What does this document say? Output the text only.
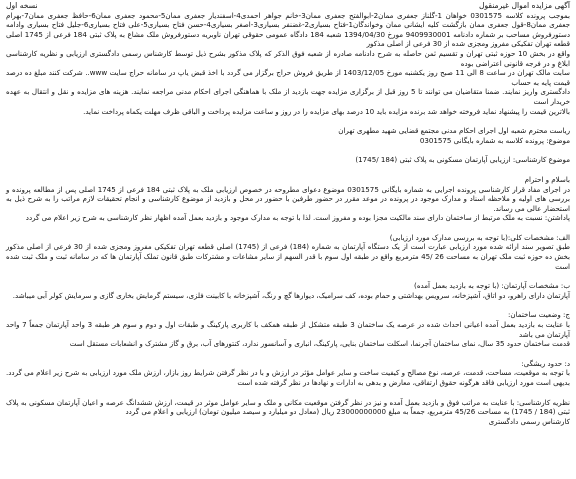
آگهی مزایده اموال غیرمنقول
نسخه اول

بموجب پرونده کلاسه 0301575 خواهان 1-گلناز جعفری ممان2-ابوالفتح جعفری ممان3-خانم جواهر احمدی4-اسفندیار جعفری ممان5-محمود جعفری ممان6-حافظ جعفری ممان7-بهرام جعفری ممان8-قول جعفری ممان بازگشت کلیه ایشانی ممان وخواندگان1-فتاح بسیاری2-غضنفر بسیاری3-اصغر بسیاری4-حسن فتاح بسیاری5-علی فتاح بسیاری6-جلیل فتاح بسیاری وادامه دستورفروش مساحب بر شماره دادنامه 9409930001 مورخ 1394/04/30 شعبه 184 دادگاه عمومی حقوقی تهران ناوبریه دستورفروش ملک مشاع به پلاک ثبتی 184 فرعی از 1745 اصلی قطعه تهران تفکیکی مفروز ومجزی شده از 30 فرعی از اصلی مذکور

واقع در بخش 10 حوزه ثبتی تهران و تقسیم ثمن حاصله به شرح دادنامه صادره از شعبه فوق الذکر که پلاک مذکور بشرح ذیل توسط کارشناس رسمی دادگستری ارزیابی و نظریه کارشناسی ابلاغ و در فرجه قانونی اعتراضی بوده

سابت مالک تهران در ساعت 8 الی 11 صبح روز یکشنبه مورخ 1403/12/05 از طریق فروش حراج برگزار می گردد با اخذ قبض یاپ در سامانه حراج سایت www.. شرکت کنند مبلغ ده درصد قیمت پایه به حساب

دادگستری واریز نمایند. ضمنا متقاضیان می توانند تا 5 روز قبل از برگزاری مزایده جهت بازدید از ملک با هماهنگی اجرای احکام مدنی مراجعه نمایند. هزینه های مزایده و نقل و انتقال به عهده خریدار است

بالاترین قیمت را پیشنهاد نماید فروخته خواهد شد برنده مزایده باید 10 درصد بهای مزایده را در روز و ساعت مزایده پرداخت و الباقی ظرف مهلت یکماه پرداخت نماید.

ریاست محترم شعبه اول اجرای احکام مدنی مجتمع قضایی شهید مطهری تهران

موضوع: پرونده کلاسه به شماره بایگانی 0301575

موضوع کارشناسی: ارزیابی آپارتمان مسکونی به پلاک ثبتی (184 /1745)

باسلام و احترام

در اجرای مفاد قرار کارشناسی پرونده اجرایی به شماره بایگانی 0301575 موضوع دعوای مطروحه در خصوص ارزیابی ملک به پلاک ثبتی 184 فرعی از 1745 اصلی پس از مطالعه پرونده و بررسی های اولیه و ملاحظه اسناد و مدارک موجود در پرونده در موعد مقرر در حضور طرفین با حضور در محل و بازدید از موضوع کارشناسی و انجام تحقیقات لازم مراتب را به شرح ذیل به استحضار عالی می رساند.

پاداشتن: نسبت به ملک مرتبط از ساختمان دارای سند مالکیت مجزا بوده و مفروز است. لذا با توجه به مدارک موجود و بازدید بعمل آمده اظهار نظر کارشناسی به شرح زیر اعلام می گردد

الف: مشخصات کلی:(با توجه به بررسی مدارک مورد ارزیابی)

طبق تصویر سند ارائه شده مورد ارزیابی عبارت است از یک دستگاه آپارتمان به شماره (184) فرعی از (1745) اصلی قطعه تهران تفکیکی مفروز ومجزی شده از 30 فرعی از اصلی مذکور بخش ده حوزه ثبت ملک تهران به مساحت 26 /45 مترمربع واقع در طبقه اول سوم با قدر السهم از سایر مشاعات و مشترکات طبق قانون تملک آپارتمان ها که در سامانه ثبت و ملک ثبت شده است

ب: مشخصات آپارتمان: (با توجه به بازدید بعمل آمده)

آپارتمان دارای راهرو، دو اتاق، آشپزخانه، سرویس بهداشتی و حمام بوده، کف سرامیک، دیوارها گچ و رنگ، آشپزخانه با کابینت فلزی، سیستم گرمایش بخاری گازی و سرمایش کولر آبی میباشد.

ج: وضعیت ساختمان:

با عنایت به بازدید بعمل آمده اعیانی احداث شده در عرصه یک ساختمان 3 طبقه متشکل از طبقه همکف با کاربری پارکینگ و طبقات اول و دوم و سوم هر طبقه 3 واحد آپارتمان جمعاً 7 واحد آپارتمان می باشد

قدمت ساختمان حدود 35 سال، نمای ساختمان آجرنما، اسکلت ساختمان بنایی، پارکینگ، انباری و آسانسور ندارد، کنتورهای آب، برق و گاز مشترک و انشعابات مستقل است

د: حدود ریشگی:

با توجه به موقعیت، مساحت، قدمت، عرصه، نوع مصالح و کیفیت ساخت و سایر عوامل مؤثر در ارزش و با در نظر گرفتن شرایط روز بازار، ارزش ملک مورد ارزیابی به شرح زیر اعلام می گردد. بدیهی است مورد ارزیابی فاقد هرگونه حقوق ارتفاقی، معارض و بدهی به ادارات و نهادها در نظر گرفته شده است

نظریه کارشناسی: با عنایت به مراتب فوق و بازدید بعمل آمده و نیز در نظر گرفتن موقعیت مکانی و ملک و سایر عوامل موثر در قیمت، ارزش ششدانگ عرصه و اعیان آپارتمان مسکونی به پلاک ثبتی (184 / 1745) به مساحت 45/26 مترمربع، جمعاً به مبلغ 23000000000 ریال (معادل دو میلیارد و سیصد میلیون تومان) ارزیابی و اعلام می گردد

کارشناس رسمی دادگستری
